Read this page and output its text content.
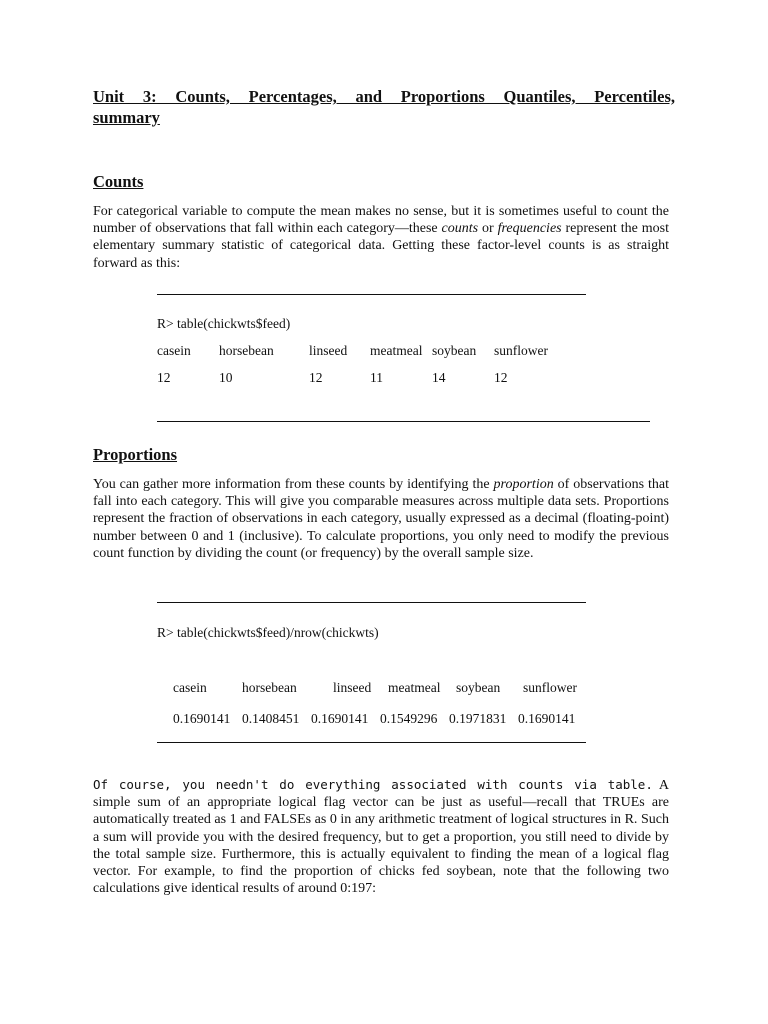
Unit 3: Counts, Percentages, and Proportions Quantiles, Percentiles,
summary
Counts
For categorical variable to compute the mean makes no sense, but it is sometimes useful to count the number of observations that fall within each category—these counts or frequencies represent the most elementary summary statistic of categorical data. Getting these factor-level counts is as straight forward as this:
R> table(chickwts$feed)
casein horsebean	linseed meatmeal soybean sunflower
12	10	12	11	14	12
Proportions
You can gather more information from these counts by identifying the proportion of observations that fall into each category. This will give you comparable measures across multiple data sets. Proportions represent the fraction of observations in each category, usually expressed as a decimal (floating-point) number between 0 and 1 (inclusive). To calculate proportions, you only need to modify the previous count function by dividing the count (or frequency) by the overall sample size.
R> table(chickwts$feed)/nrow(chickwts)
casein	horsebean	linseed meatmeal soybean sunflower
0.1690141 0.1408451 0.1690141 0.1549296 0.1971831 0.1690141
Of course, you needn't do everything associated with counts via table. A simple sum of an appropriate logical flag vector can be just as useful—recall that TRUEs are automatically treated as 1 and FALSEs as 0 in any arithmetic treatment of logical structures in R. Such a sum will provide you with the desired frequency, but to get a proportion, you still need to divide by the total sample size. Furthermore, this is actually equivalent to finding the mean of a logical flag vector. For example, to find the proportion of chicks fed soybean, note that the following two calculations give identical results of around 0:197:
